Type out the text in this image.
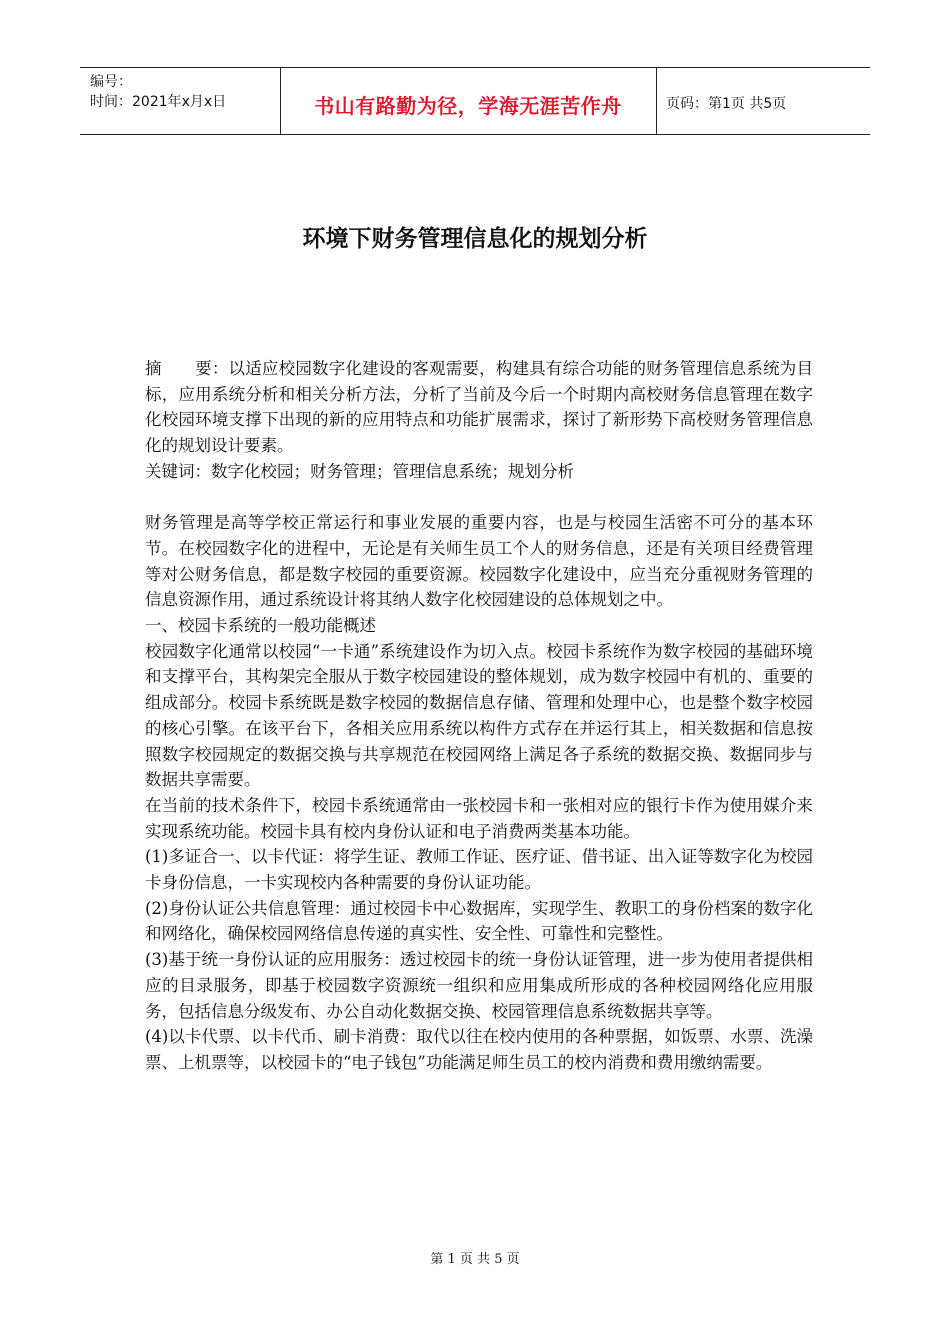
编号：
时间：2021年x月x日	书山有路勤为径，学海无涯苦作舟	页码：第1页 共5页
环境下财务管理信息化的规划分析

摘　　要：以适应校园数字化建设的客观需要，构建具有综合功能的财务管理信息系统为目标，应用系统分析和相关分析方法，分析了当前及今后一个时期内高校财务信息管理在数字化校园环境支撑下出现的新的应用特点和功能扩展需求，探讨了新形势下高校财务管理信息化的规划设计要素。

关键词：数字化校园；财务管理；管理信息系统；规划分析

财务管理是高等学校正常运行和事业发展的重要内容，也是与校园生活密不可分的基本环节。在校园数字化的进程中，无论是有关师生员工个人的财务信息，还是有关项目经费管理等对公财务信息，都是数字校园的重要资源。校园数字化建设中，应当充分重视财务管理的信息资源作用，通过系统设计将其纳人数字化校园建设的总体规划之中。

一、校园卡系统的一般功能概述

校园数字化通常以校园“一卡通”系统建设作为切入点。校园卡系统作为数字校园的基础环境和支撑平台，其构架完全服从于数字校园建设的整体规划，成为数字校园中有机的、重要的组成部分。校园卡系统既是数字校园的数据信息存储、管理和处理中心，也是整个数字校园的核心引擎。在该平台下，各相关应用系统以构件方式存在并运行其上，相关数据和信息按照数字校园规定的数据交换与共享规范在校园网络上满足各子系统的数据交换、数据同步与数据共享需要。

在当前的技术条件下，校园卡系统通常由一张校园卡和一张相对应的银行卡作为使用媒介来实现系统功能。校园卡具有校内身份认证和电子消费两类基本功能。

(1)多证合一、以卡代证：将学生证、教师工作证、医疗证、借书证、出入证等数字化为校园卡身份信息，一卡实现校内各种需要的身份认证功能。

(2)身份认证公共信息管理：通过校园卡中心数据库，实现学生、教职工的身份档案的数字化和网络化，确保校园网络信息传递的真实性、安全性、可靠性和完整性。

(3)基于统一身份认证的应用服务：透过校园卡的统一身份认证管理，进一步为使用者提供相应的目录服务，即基于校园数字资源统一组织和应用集成所形成的各种校园网络化应用服务，包括信息分级发布、办公自动化数据交换、校园管理信息系统数据共享等。

(4)以卡代票、以卡代币、刷卡消费：取代以往在校内使用的各种票据，如饭票、水票、洗澡票、上机票等，以校园卡的“电子钱包”功能满足师生员工的校内消费和费用缴纳需要。

第 1 页 共 5 页
